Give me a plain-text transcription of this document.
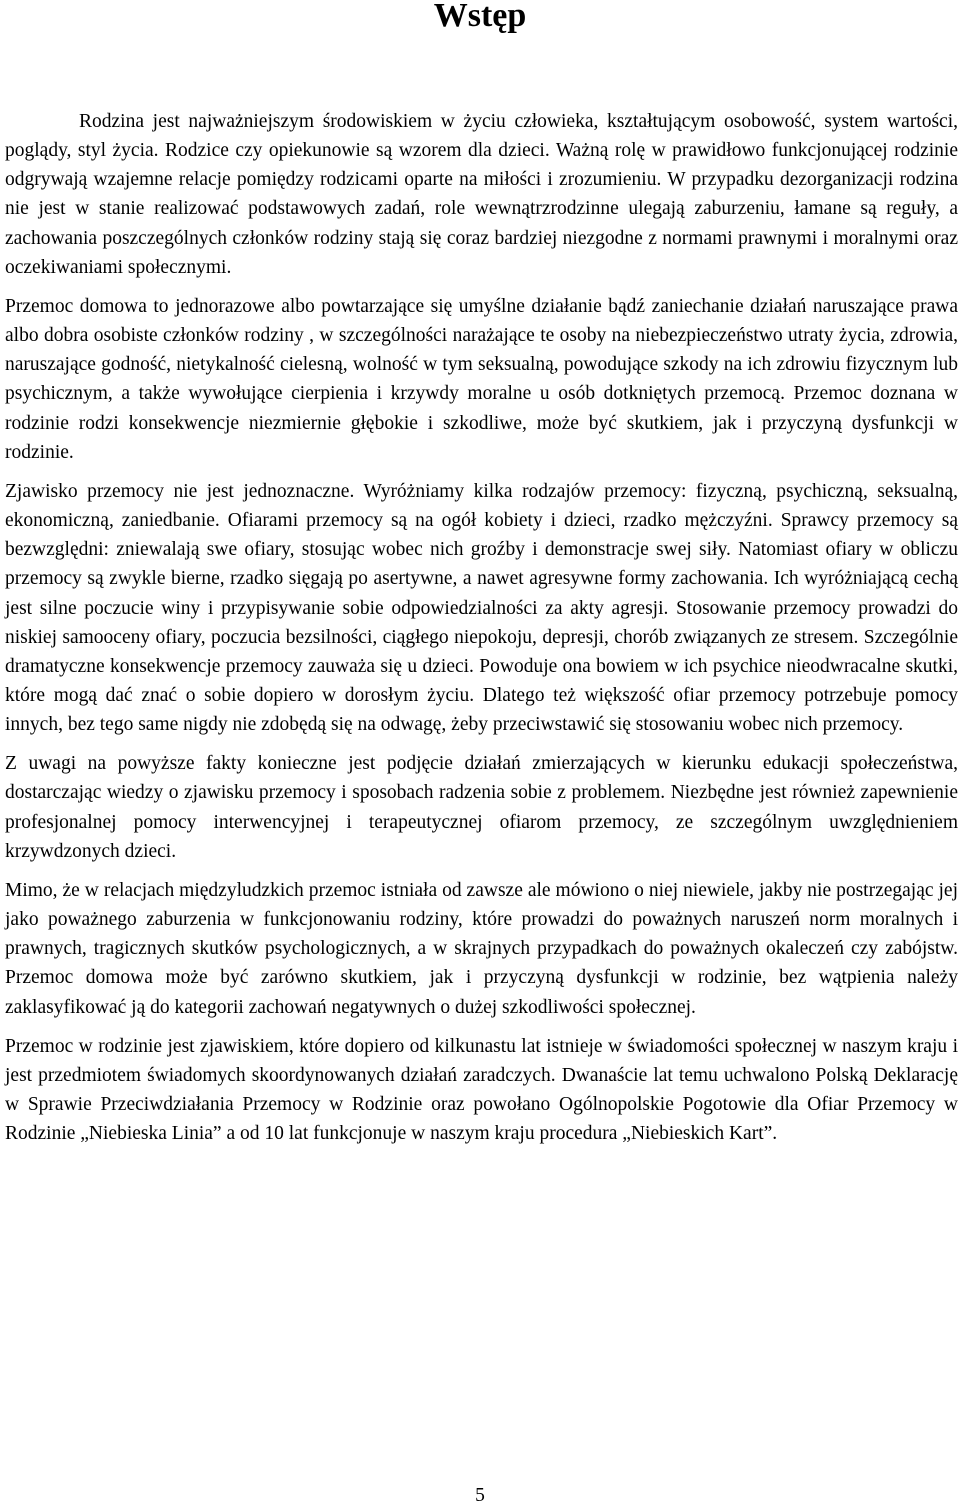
Wstęp

Rodzina jest najważniejszym środowiskiem w życiu człowieka, kształtującym osobowość, system wartości, poglądy, styl życia. Rodzice czy opiekunowie są wzorem dla dzieci. Ważną rolę w prawidłowo funkcjonującej rodzinie odgrywają wzajemne relacje pomiędzy rodzicami oparte na miłości i zrozumieniu. W przypadku dezorganizacji rodzina nie jest w stanie realizować podstawowych zadań, role wewnątrzrodzinne ulegają zaburzeniu, łamane są reguły, a zachowania poszczególnych członków rodziny stają się coraz bardziej niezgodne z normami prawnymi i moralnymi oraz oczekiwaniami społecznymi.

Przemoc domowa to jednorazowe albo powtarzające się umyślne działanie bądź zaniechanie działań naruszające prawa albo dobra osobiste członków rodziny , w szczególności narażające te osoby na niebezpieczeństwo utraty życia, zdrowia, naruszające godność, nietykalność cielesną, wolność w tym seksualną, powodujące szkody na ich zdrowiu fizycznym lub psychicznym, a także wywołujące cierpienia i krzywdy moralne u osób dotkniętych przemocą. Przemoc doznana w rodzinie rodzi konsekwencje niezmiernie głębokie i szkodliwe, może być skutkiem, jak i przyczyną dysfunkcji w rodzinie.

Zjawisko przemocy nie jest jednoznaczne. Wyróżniamy kilka rodzajów przemocy: fizyczną, psychiczną, seksualną, ekonomiczną, zaniedbanie. Ofiarami przemocy są na ogół kobiety i dzieci, rzadko mężczyźni. Sprawcy przemocy są bezwzględni: zniewalają swe ofiary, stosując wobec nich groźby i demonstracje swej siły. Natomiast ofiary w obliczu przemocy są zwykle bierne, rzadko sięgają po asertywne, a nawet agresywne formy zachowania. Ich wyróżniającą cechą jest silne poczucie winy i przypisywanie sobie odpowiedzialności za akty agresji. Stosowanie przemocy prowadzi do niskiej samooceny ofiary, poczucia bezsilności, ciągłego niepokoju, depresji, chorób związanych ze stresem. Szczególnie dramatyczne konsekwencje przemocy zauważa się u dzieci. Powoduje ona bowiem w ich psychice nieodwracalne skutki, które mogą dać znać o sobie dopiero w dorosłym życiu. Dlatego też większość ofiar przemocy potrzebuje pomocy innych, bez tego same nigdy nie zdobędą się na odwagę, żeby przeciwstawić się stosowaniu wobec nich przemocy.

Z uwagi na powyższe fakty konieczne jest podjęcie działań zmierzających w kierunku edukacji społeczeństwa, dostarczając wiedzy o zjawisku przemocy i sposobach radzenia sobie z problemem. Niezbędne jest również zapewnienie profesjonalnej pomocy interwencyjnej i terapeutycznej ofiarom przemocy, ze szczególnym uwzględnieniem krzywdzonych dzieci.

Mimo, że w relacjach międzyludzkich przemoc istniała od zawsze ale mówiono o niej niewiele, jakby nie postrzegając jej jako poważnego zaburzenia w funkcjonowaniu rodziny, które prowadzi do poważnych naruszeń norm moralnych i prawnych, tragicznych skutków psychologicznych, a w skrajnych przypadkach do poważnych okaleczeń czy zabójstw. Przemoc domowa może być zarówno skutkiem, jak i przyczyną dysfunkcji w rodzinie, bez wątpienia należy zaklasyfikować ją do kategorii zachowań negatywnych o dużej szkodliwości społecznej.

Przemoc w rodzinie jest zjawiskiem, które dopiero od kilkunastu lat istnieje w świadomości społecznej w naszym kraju i jest przedmiotem świadomych skoordynowanych działań zaradczych. Dwanaście lat temu uchwalono Polską Deklarację w Sprawie Przeciwdziałania Przemocy w Rodzinie oraz powołano Ogólnopolskie Pogotowie dla Ofiar Przemocy w Rodzinie „Niebieska Linia” a od 10 lat funkcjonuje w naszym kraju procedura „Niebieskich Kart”.

5
